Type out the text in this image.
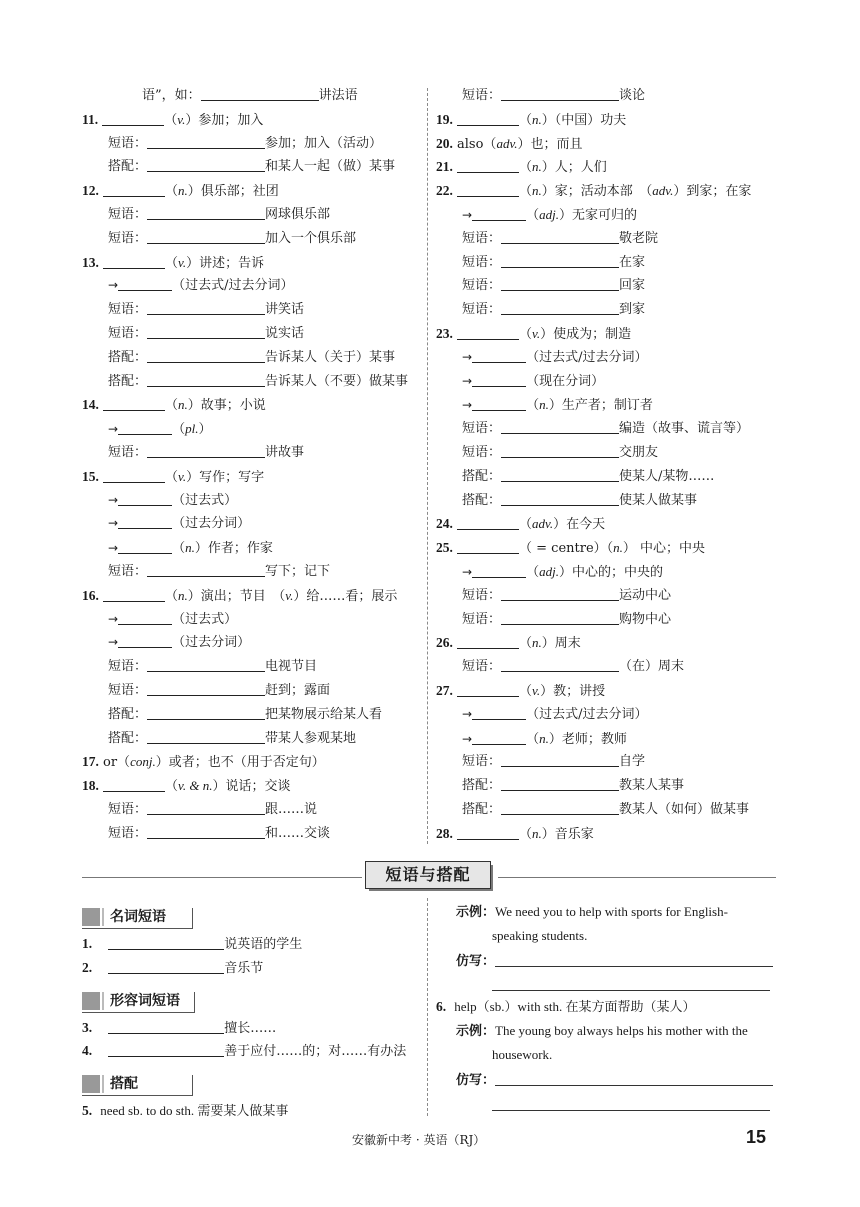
语”，如：	讲法语
11.	（v.）参加；加入
短语：	参加；加入（活动）
搭配：	和某人一起（做）某事
12.	（n.）俱乐部；社团
短语：	网球俱乐部
短语：	加入一个俱乐部
13.	（v.）讲述；告诉
→	（过去式/过去分词）
短语：	讲笑话
短语：	说实话
搭配：	告诉某人（关于）某事
搭配：	告诉某人（不要）做某事
14.	（n.）故事；小说
→	（pl.）
短语：	讲故事
15.	（v.）写作；写字
→	（过去式）
→	（过去分词）
→	（n.）作者；作家
短语：	写下；记下
16.	（n.）演出；节目　（v.）给……看；展示
→	（过去式）
→	（过去分词）
短语：	电视节目
短语：	赶到；露面
搭配：	把某物展示给某人看
搭配：	带某人参观某地
17. or（conj.）或者；也不（用于否定句）
18.	（v. & n.）说话；交谈
短语：	跟……说
短语：	和……交谈
短语：	谈论
19.	（n.）（中国）功夫
20. also（adv.）也；而且
21.	（n.）人；人们
22.	（n.）家；活动本部　（adv.）到家；在家
→	（adj.）无家可归的
短语：	敬老院
短语：	在家
短语：	回家
短语：	到家
23.	（v.）使成为；制造
→	（过去式/过去分词）
→	（现在分词）
→	（n.）生产者；制订者
短语：	编造（故事、谎言等）
短语：	交朋友
搭配：	使某人/某物……
搭配：	使某人做某事
24.	（adv.）在今天
25.	（ = centre）（n.） 中心；中央
→	（adj.）中心的；中央的
短语：	运动中心
短语：	购物中心
26.	（n.）周末
短语：	（在）周末
27.	（v.）教；讲授
→	（过去式/过去分词）
→	（n.）老师；教师
短语：	自学
搭配：	教某人某事
搭配：	教某人（如何）做某事
28.	（n.）音乐家
短语与搭配
名词短语
1.	说英语的学生
2.	音乐节
形容词短语
3.	擅长……
4.	善于应付……的；对……有办法
搭配
5. need sb. to do sth. 需要某人做某事
示例：We need you to help with sports for English-
speaking students.
仿写：
6. help（sb.）with sth. 在某方面帮助（某人）
示例：The young boy always helps his mother with the
housework.
仿写：
安徽新中考 · 英语（RJ）	15
